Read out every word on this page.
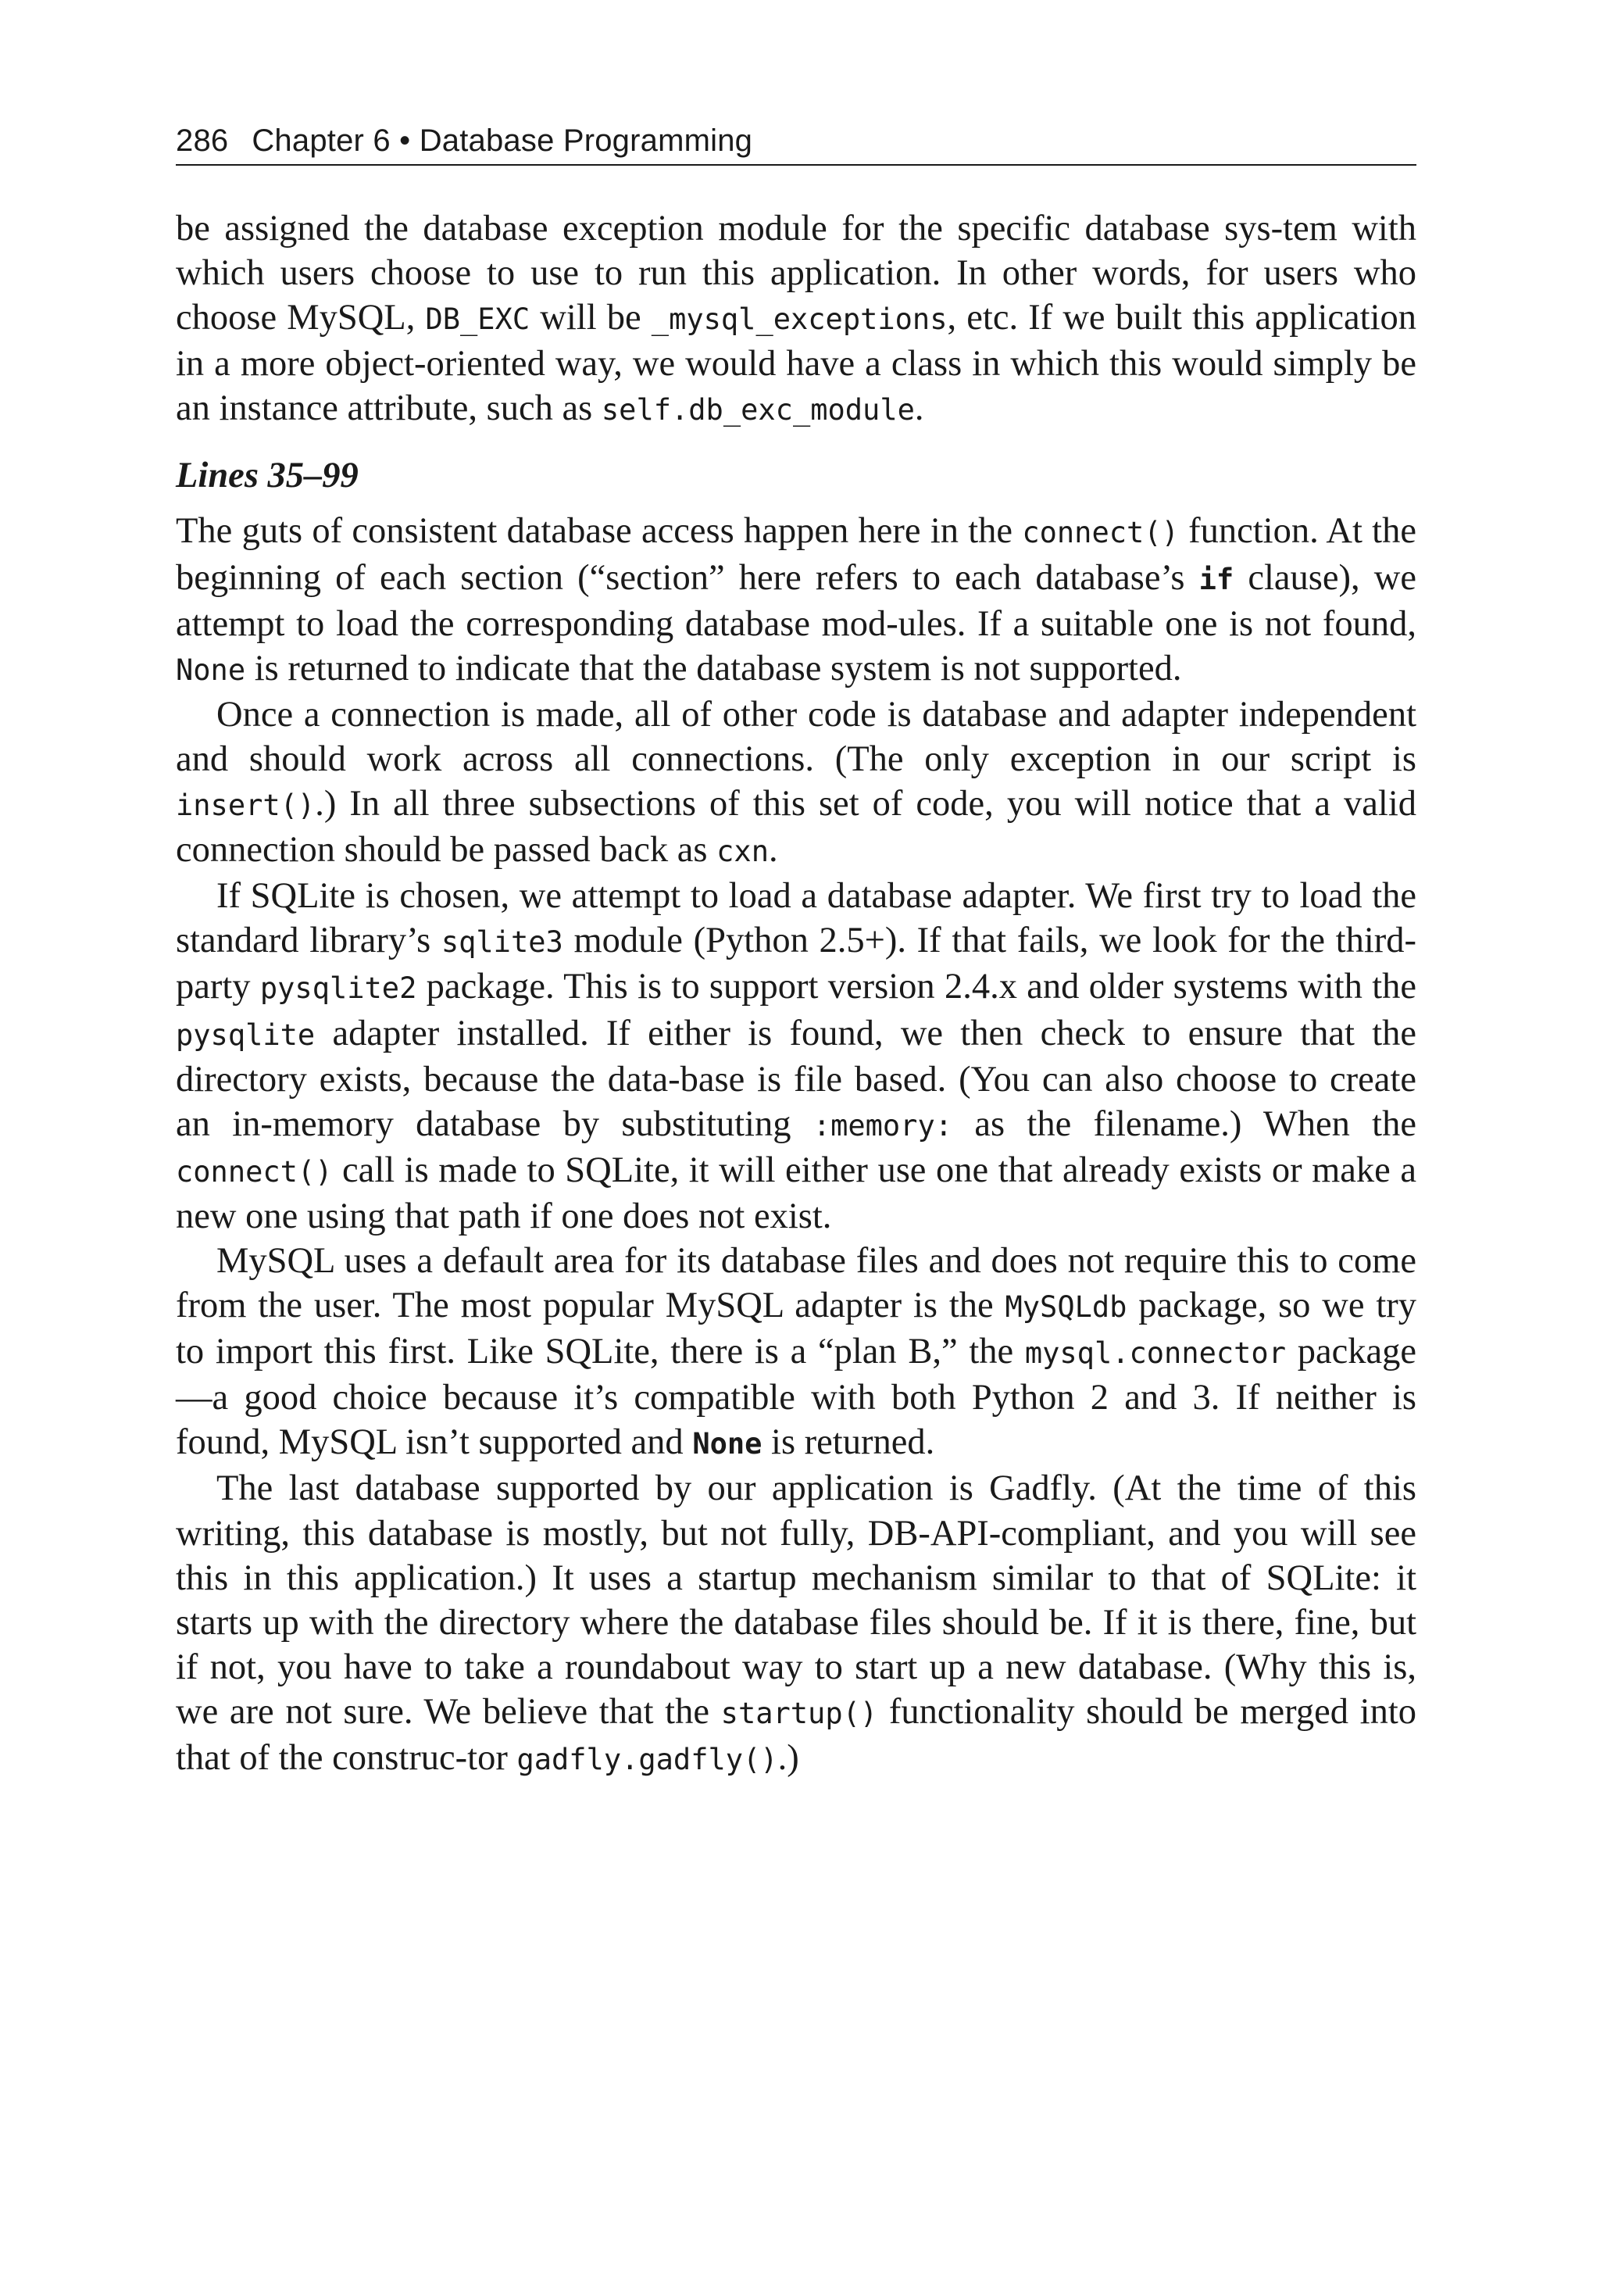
286 Chapter 6 • Database Programming

be assigned the database exception module for the specific database sys-tem with which users choose to use to run this application. In other words, for users who choose MySQL, DB_EXC will be _mysql_exceptions, etc. If we built this application in a more object-oriented way, we would have a class in which this would simply be an instance attribute, such as self.db_exc_module.

Lines 35–99

The guts of consistent database access happen here in the connect() function. At the beginning of each section (“section” here refers to each database’s if clause), we attempt to load the corresponding database mod-ules. If a suitable one is not found, None is returned to indicate that the database system is not supported.

Once a connection is made, all of other code is database and adapter independent and should work across all connections. (The only exception in our script is insert().) In all three subsections of this set of code, you will notice that a valid connection should be passed back as cxn.

If SQLite is chosen, we attempt to load a database adapter. We first try to load the standard library’s sqlite3 module (Python 2.5+). If that fails, we look for the third-party pysqlite2 package. This is to support version 2.4.x and older systems with the pysqlite adapter installed. If either is found, we then check to ensure that the directory exists, because the data-base is file based. (You can also choose to create an in-memory database by substituting :memory: as the filename.) When the connect() call is made to SQLite, it will either use one that already exists or make a new one using that path if one does not exist.

MySQL uses a default area for its database files and does not require this to come from the user. The most popular MySQL adapter is the MySQLdb package, so we try to import this first. Like SQLite, there is a “plan B,” the mysql.connector package—a good choice because it’s compatible with both Python 2 and 3. If neither is found, MySQL isn’t supported and None is returned.

The last database supported by our application is Gadfly. (At the time of this writing, this database is mostly, but not fully, DB-API-compliant, and you will see this in this application.) It uses a startup mechanism similar to that of SQLite: it starts up with the directory where the database files should be. If it is there, fine, but if not, you have to take a roundabout way to start up a new database. (Why this is, we are not sure. We believe that the startup() functionality should be merged into that of the construc-tor gadfly.gadfly().)
